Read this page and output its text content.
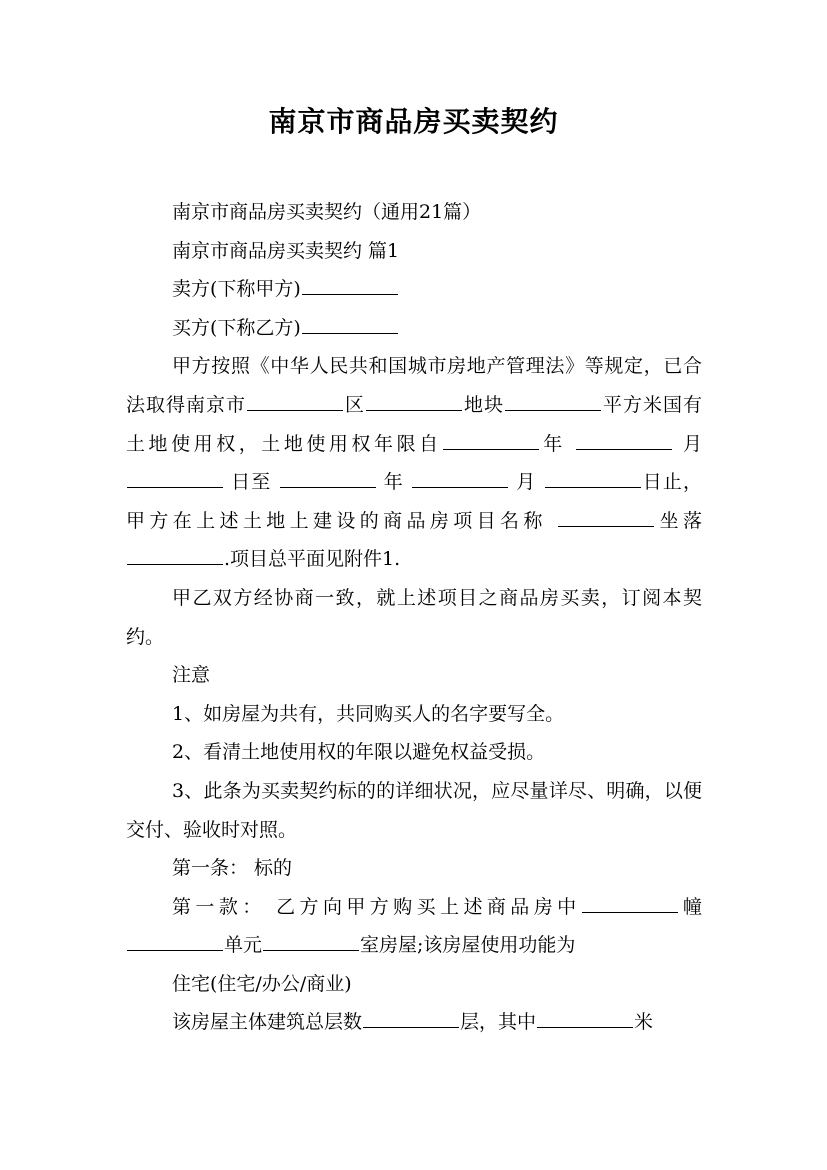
南京市商品房买卖契约

南京市商品房买卖契约（通用21篇）

南京市商品房买卖契约 篇1

卖方(下称甲方)

买方(下称乙方)

甲方按照《中华人民共和国城市房地产管理法》等规定，已合法取得南京市	区	地块	平方米国有土地使用权，土地使用权年限自	年	月  日至	年	月	日止，甲方在上述土地上建设的商品房项目名称	坐落.项目总平面见附件1.

甲乙双方经协商一致，就上述项目之商品房买卖，订阅本契约。

注意

1、如房屋为共有，共同购买人的名字要写全。

2、看清土地使用权的年限以避免权益受损。

3、此条为买卖契约标的的详细状况，应尽量详尽、明确，以便交付、验收时对照。

第一条： 标的

第一款： 乙方向甲方购买上述商品房中	幢 单元	室房屋;该房屋使用功能为

住宅(住宅/办公/商业)

该房屋主体建筑总层数	层，其中	米
